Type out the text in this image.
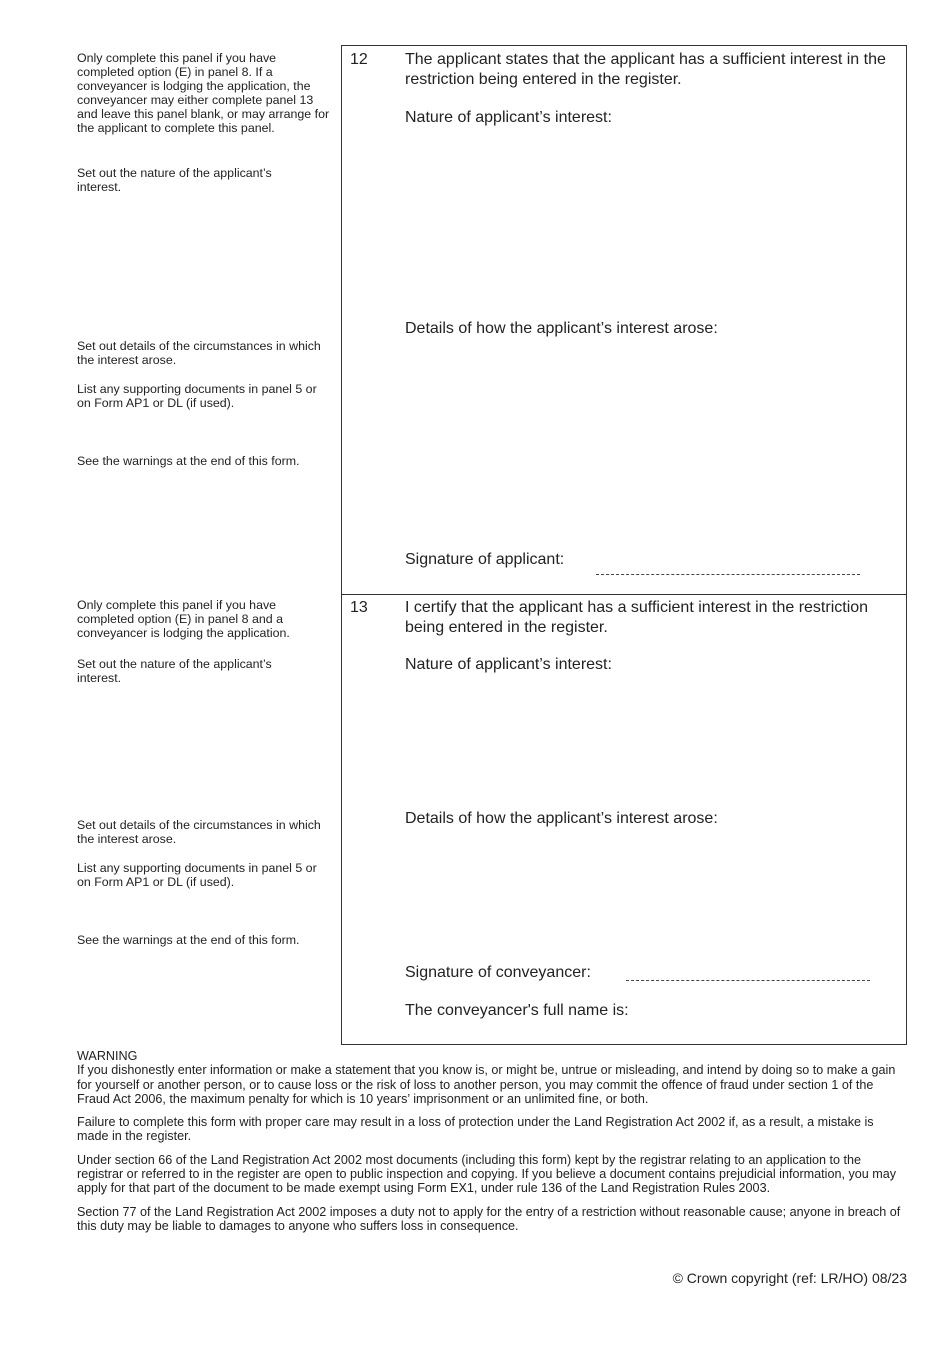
Only complete this panel if you have completed option (E) in panel 8. If a conveyancer is lodging the application, the conveyancer may either complete panel 13 and leave this panel blank, or may arrange for the applicant to complete this panel.
Set out the nature of the applicant’s interest.
Set out details of the circumstances in which the interest arose.
List any supporting documents in panel 5 or on Form AP1 or DL (if used).
See the warnings at the end of this form.
Only complete this panel if you have completed option (E) in panel 8 and a conveyancer is lodging the application.
Set out the nature of the applicant’s interest.
Set out details of the circumstances in which the interest arose.
List any supporting documents in panel 5 or on Form AP1 or DL (if used).
See the warnings at the end of this form.
12 The applicant states that the applicant has a sufficient interest in the restriction being entered in the register.
Nature of applicant’s interest:
Details of how the applicant’s interest arose:
Signature of applicant:
13 I certify that the applicant has a sufficient interest in the restriction being entered in the register.
Nature of applicant’s interest:
Details of how the applicant’s interest arose:
Signature of conveyancer:
The conveyancer's full name is:
WARNING
If you dishonestly enter information or make a statement that you know is, or might be, untrue or misleading, and intend by doing so to make a gain for yourself or another person, or to cause loss or the risk of loss to another person, you may commit the offence of fraud under section 1 of the Fraud Act 2006, the maximum penalty for which is 10 years’ imprisonment or an unlimited fine, or both.
Failure to complete this form with proper care may result in a loss of protection under the Land Registration Act 2002 if, as a result, a mistake is made in the register.
Under section 66 of the Land Registration Act 2002 most documents (including this form) kept by the registrar relating to an application to the registrar or referred to in the register are open to public inspection and copying. If you believe a document contains prejudicial information, you may apply for that part of the document to be made exempt using Form EX1, under rule 136 of the Land Registration Rules 2003.
Section 77 of the Land Registration Act 2002 imposes a duty not to apply for the entry of a restriction without reasonable cause; anyone in breach of this duty may be liable to damages to anyone who suffers loss in consequence.
© Crown copyright (ref: LR/HO) 08/23
